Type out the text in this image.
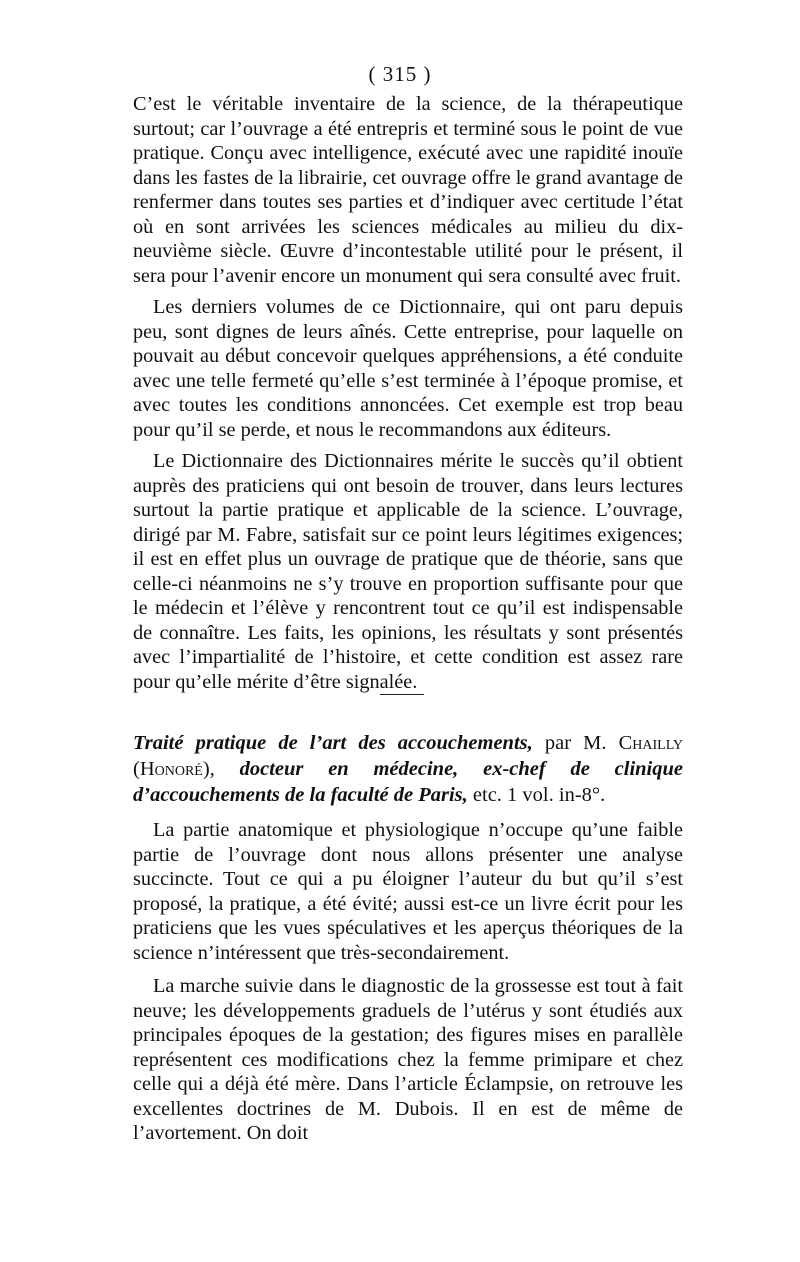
( 315 )

C’est le véritable inventaire de la science, de la thérapeutique surtout; car l’ouvrage a été entrepris et terminé sous le point de vue pratique. Conçu avec intelligence, exécuté avec une rapidité inouïe dans les fastes de la librairie, cet ouvrage offre le grand avantage de renfermer dans toutes ses parties et d’indiquer avec certitude l’état où en sont arrivées les sciences médicales au milieu du dix-neuvième siècle. Œuvre d’incontestable utilité pour le présent, il sera pour l’avenir encore un monument qui sera consulté avec fruit.

Les derniers volumes de ce Dictionnaire, qui ont paru depuis peu, sont dignes de leurs aînés. Cette entreprise, pour laquelle on pouvait au début concevoir quelques appréhensions, a été conduite avec une telle fermeté qu’elle s’est terminée à l’époque promise, et avec toutes les conditions annoncées. Cet exemple est trop beau pour qu’il se perde, et nous le recommandons aux éditeurs.

Le Dictionnaire des Dictionnaires mérite le succès qu’il obtient auprès des praticiens qui ont besoin de trouver, dans leurs lectures surtout la partie pratique et applicable de la science. L’ouvrage, dirigé par M. Fabre, satisfait sur ce point leurs légitimes exigences; il est en effet plus un ouvrage de pratique que de théorie, sans que celle-ci néanmoins ne s’y trouve en proportion suffisante pour que le médecin et l’élève y rencontrent tout ce qu’il est indispensable de connaître. Les faits, les opinions, les résultats y sont présentés avec l’impartialité de l’histoire, et cette condition est assez rare pour qu’elle mérite d’être signalée.

Traité pratique de l’art des accouchements, par M. Chailly (Honoré), docteur en médecine, ex-chef de clinique d’accouchements de la faculté de Paris, etc. 1 vol. in-8°.

La partie anatomique et physiologique n’occupe qu’une faible partie de l’ouvrage dont nous allons présenter une analyse succincte. Tout ce qui a pu éloigner l’auteur du but qu’il s’est proposé, la pratique, a été évité; aussi est-ce un livre écrit pour les praticiens que les vues spéculatives et les aperçus théoriques de la science n’intéressent que très-secondairement.

La marche suivie dans le diagnostic de la grossesse est tout à fait neuve; les développements graduels de l’utérus y sont étudiés aux principales époques de la gestation; des figures mises en parallèle représentent ces modifications chez la femme primipare et chez celle qui a déjà été mère. Dans l’article Éclampsie, on retrouve les excellentes doctrines de M. Dubois. Il en est de même de l’avortement. On doit
